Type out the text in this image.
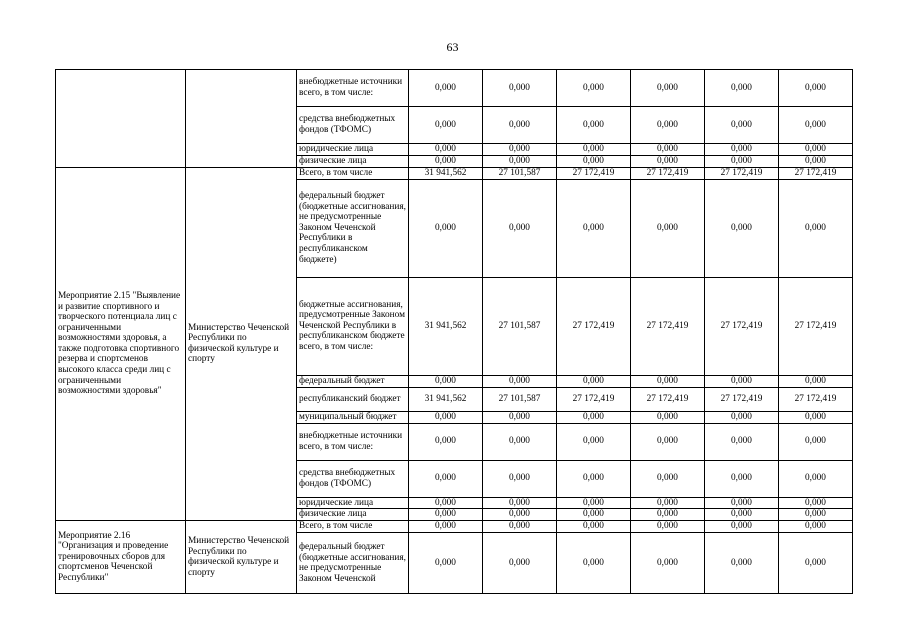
63
		внебюджетные источники всего, в том числе:	0,000	0,000	0,000	0,000	0,000	0,000
		средства внебюджетных фондов (ТФОМС)	0,000	0,000	0,000	0,000	0,000	0,000
		юридические лица	0,000	0,000	0,000	0,000	0,000	0,000
		физические лица	0,000	0,000	0,000	0,000	0,000	0,000
Мероприятие 2.15 "Выявление и развитие спортивного и творческого потенциала лиц с ограниченными возможностями здоровья, а также подготовка спортивного резерва и спортсменов высокого класса среди лиц с ограниченными возможностями здоровья"	Министерство Чеченской Республики по физической культуре и спорту	Всего, в том числе	31 941,562	27 101,587	27 172,419	27 172,419	27 172,419	27 172,419
		федеральный бюджет (бюджетные ассигнования, не предусмотренные Законом Чеченской Республики в республиканском бюджете)	0,000	0,000	0,000	0,000	0,000	0,000
		бюджетные ассигнования, предусмотренные Законом Чеченской Республики в республиканском бюджете всего, в том числе:	31 941,562	27 101,587	27 172,419	27 172,419	27 172,419	27 172,419
		федеральный бюджет	0,000	0,000	0,000	0,000	0,000	0,000
		республиканский бюджет	31 941,562	27 101,587	27 172,419	27 172,419	27 172,419	27 172,419
		муниципальный бюджет	0,000	0,000	0,000	0,000	0,000	0,000
		внебюджетные источники всего, в том числе:	0,000	0,000	0,000	0,000	0,000	0,000
		средства внебюджетных фондов (ТФОМС)	0,000	0,000	0,000	0,000	0,000	0,000
		юридические лица	0,000	0,000	0,000	0,000	0,000	0,000
		физические лица	0,000	0,000	0,000	0,000	0,000	0,000
Мероприятие 2.16 "Организация и проведение тренировочных сборов для спортсменов Чеченской Республики"	Министерство Чеченской Республики по физической культуре и спорту	Всего, в том числе	0,000	0,000	0,000	0,000	0,000	0,000
		федеральный бюджет (бюджетные ассигнования, не предусмотренные Законом Чеченской	0,000	0,000	0,000	0,000	0,000	0,000
